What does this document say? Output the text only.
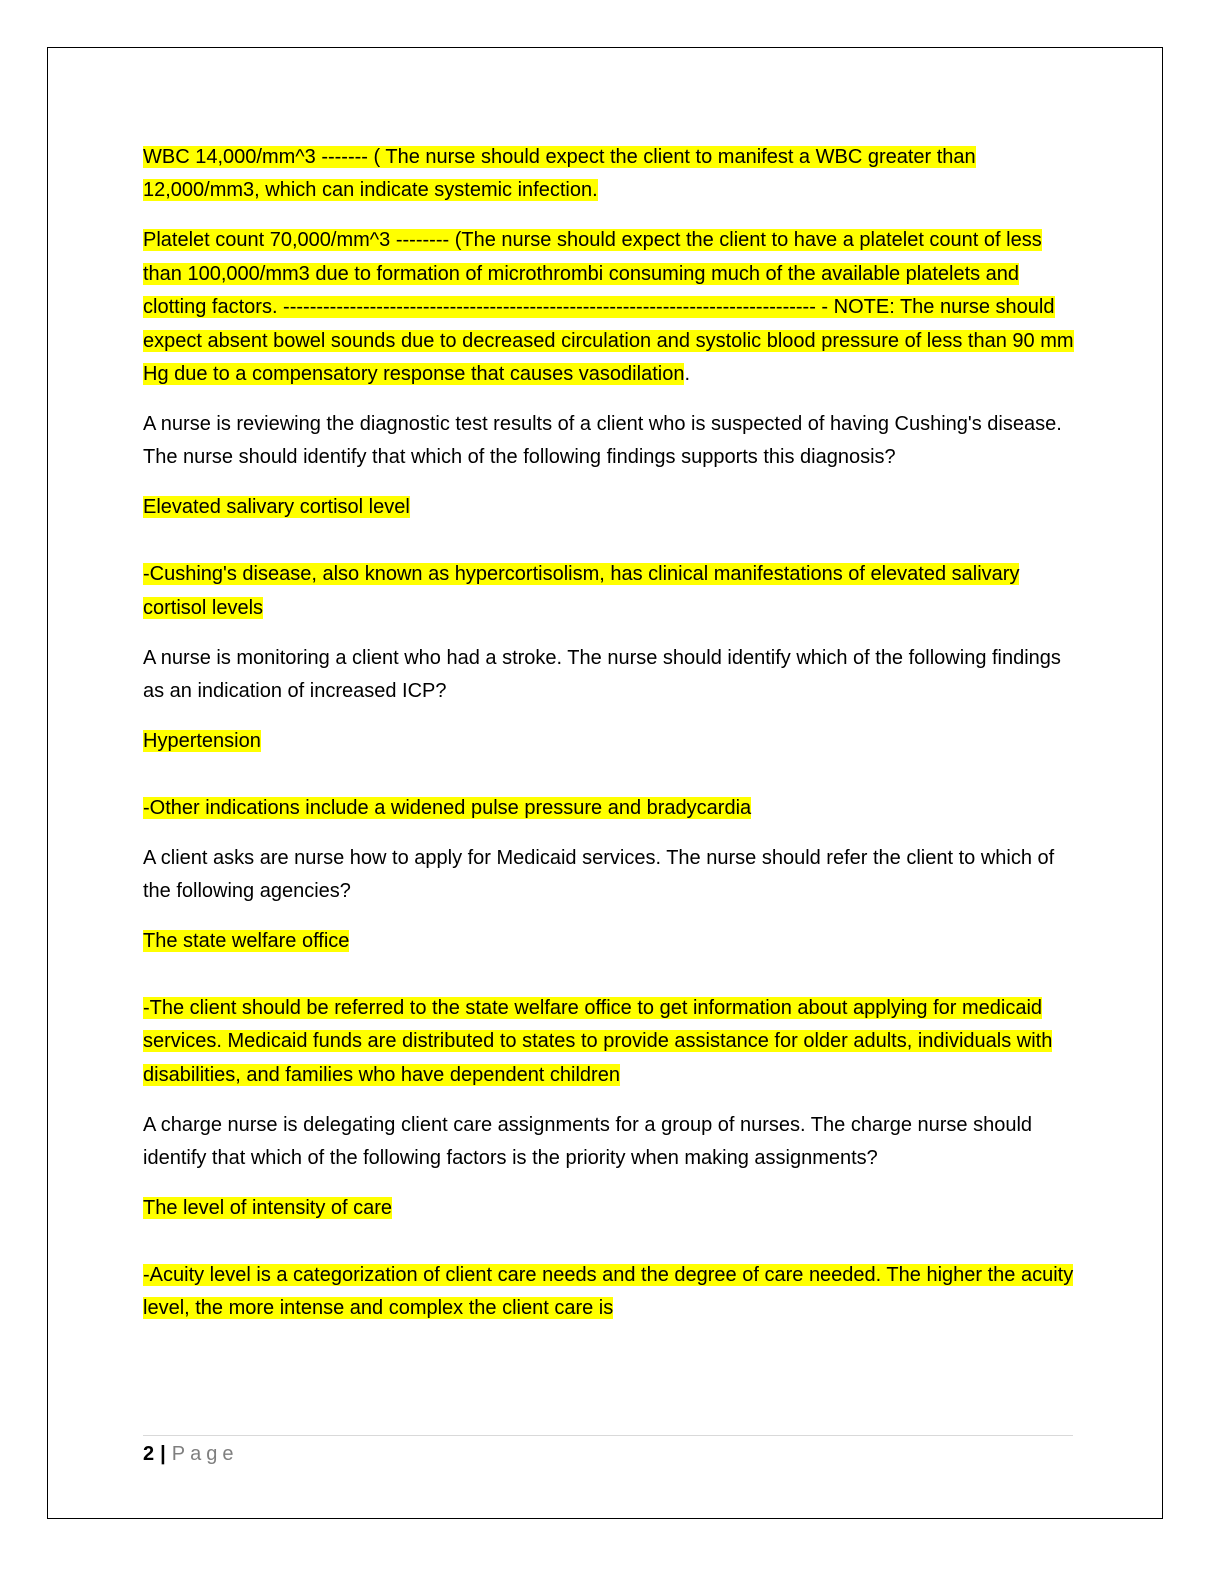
WBC 14,000/mm^3 ------- ( The nurse should expect the client to manifest a WBC greater than 12,000/mm3, which can indicate systemic infection.

Platelet count 70,000/mm^3 -------- (The nurse should expect the client to have a platelet count of less than 100,000/mm3 due to formation of microthrombi consuming much of the available platelets and clotting factors. -------------------------------------------------------------------------------- - NOTE: The nurse should expect absent bowel sounds due to decreased circulation and systolic blood pressure of less than 90 mm Hg due to a compensatory response that causes vasodilation.

A nurse is reviewing the diagnostic test results of a client who is suspected of having Cushing's disease. The nurse should identify that which of the following findings supports this diagnosis?

Elevated salivary cortisol level

-Cushing's disease, also known as hypercortisolism, has clinical manifestations of elevated salivary cortisol levels

A nurse is monitoring a client who had a stroke. The nurse should identify which of the following findings as an indication of increased ICP?

Hypertension

-Other indications include a widened pulse pressure and bradycardia

A client asks are nurse how to apply for Medicaid services. The nurse should refer the client to which of the following agencies?

The state welfare office

-The client should be referred to the state welfare office to get information about applying for medicaid services. Medicaid funds are distributed to states to provide assistance for older adults, individuals with disabilities, and families who have dependent children

A charge nurse is delegating client care assignments for a group of nurses. The charge nurse should identify that which of the following factors is the priority when making assignments?

The level of intensity of care

-Acuity level is a categorization of client care needs and the degree of care needed. The higher the acuity level, the more intense and complex the client care is

2 | Page
